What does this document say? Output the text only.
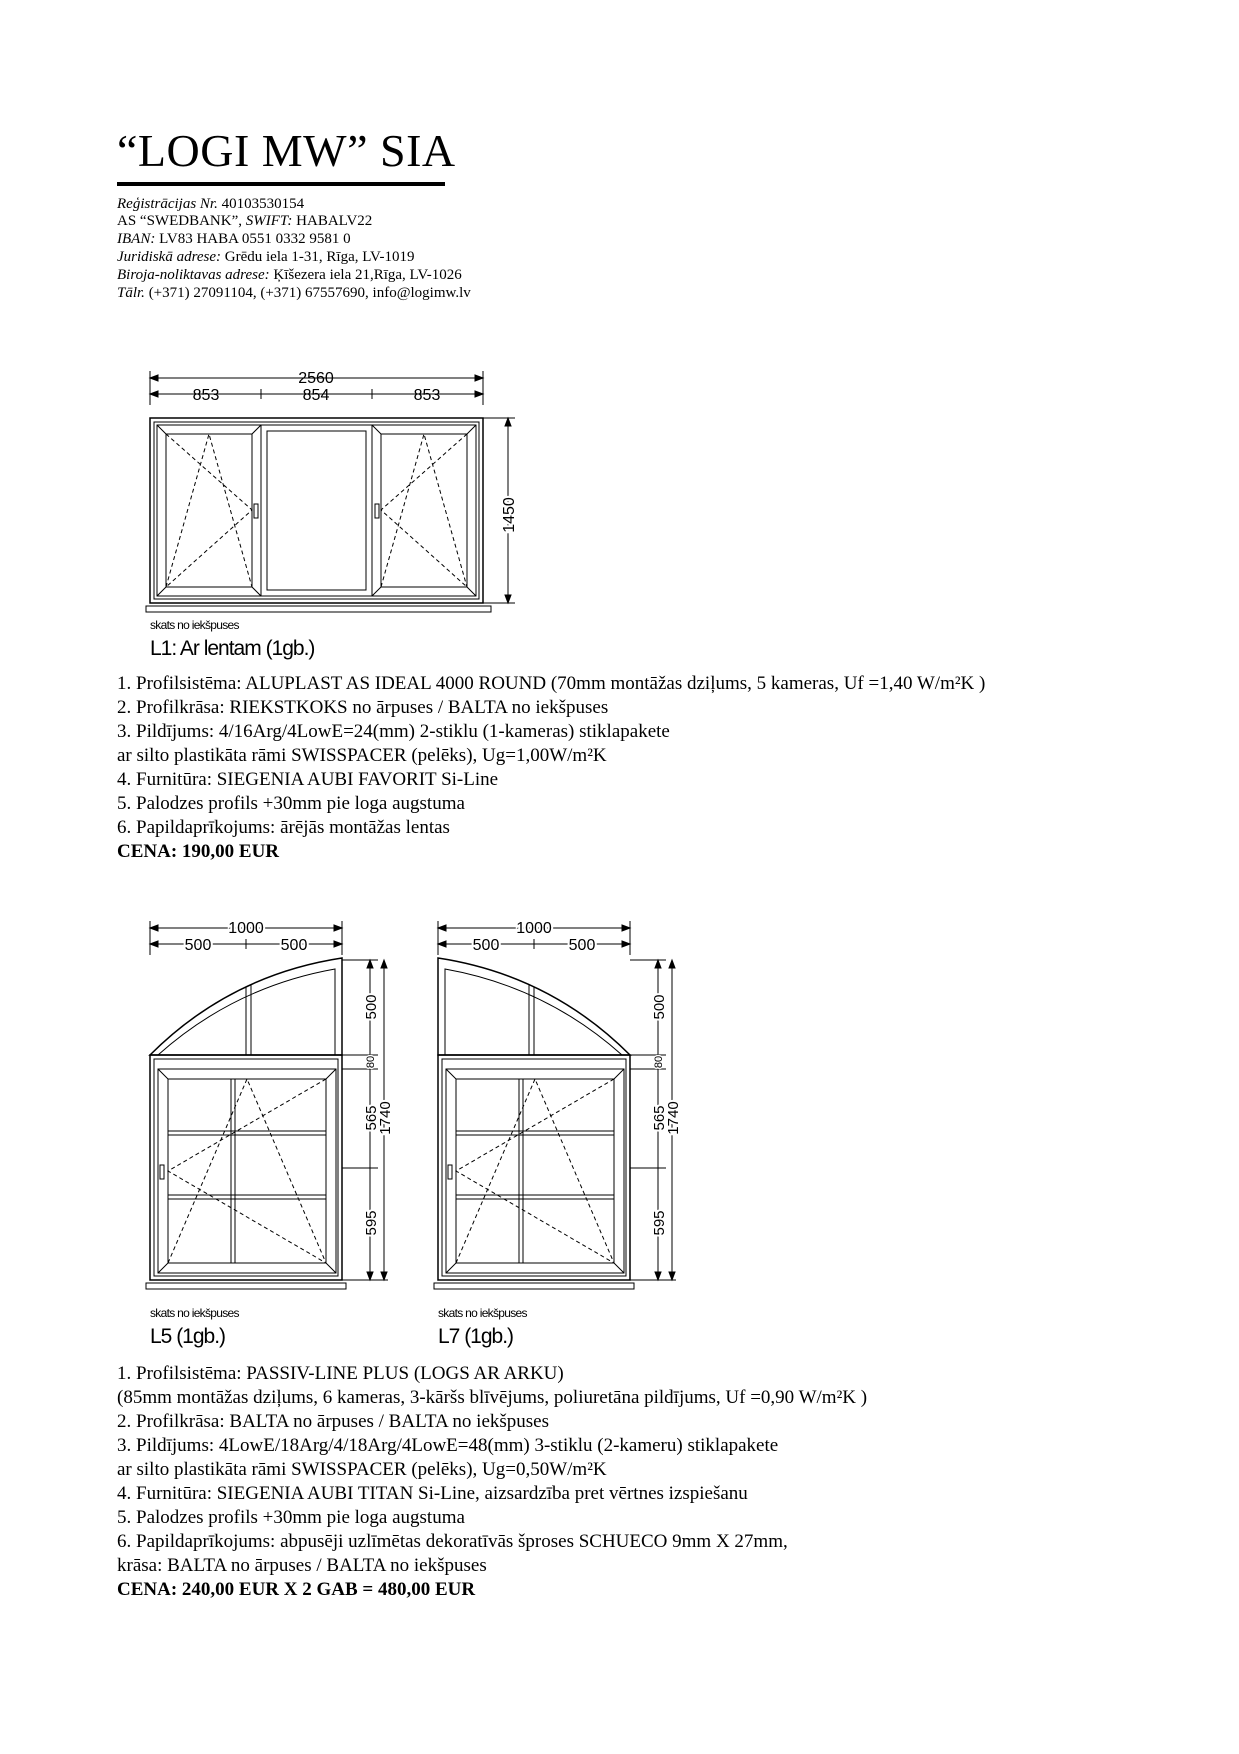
“LOGI MW” SIA
Reģistrācijas Nr. 40103530154
AS “SWEDBANK”, SWIFT: HABALV22
IBAN: LV83 HABA 0551 0332 9581 0
Juridiskā adrese: Grēdu iela 1-31, Rīga, LV-1019
Biroja-noliktavas adrese: Ķīšezera iela 21,Rīga, LV-1026
Tālr. (+371) 27091104, (+371) 67557690, info@logimw.lv
2560
853	854	853
1450
skats no iekšpuses
L1: Ar lentam (1gb.)
1. Profilsistēma: ALUPLAST AS IDEAL 4000 ROUND (70mm montāžas dziļums, 5 kameras, Uf =1,40 W/m²K )
2. Profilkrāsa: RIEKSTKOKS no ārpuses / BALTA no iekšpuses
3. Pildījums: 4/16Arg/4LowE=24(mm) 2-stiklu (1-kameras) stiklapakete
ar silto plastikāta rāmi SWISSPACER (pelēks), Ug=1,00W/m²K
4. Furnitūra: SIEGENIA AUBI FAVORIT Si-Line
5. Palodzes profils +30mm pie loga augstuma
6. Papildaprīkojums: ārējās montāžas lentas
CENA: 190,00 EUR
1000
500	500
500
80
565
1740
595
skats no iekšpuses
L5 (1gb.)
1000
500	500
500
80
565
1740
595
skats no iekšpuses
L7 (1gb.)
1. Profilsistēma: PASSIV-LINE PLUS (LOGS AR ARKU)
(85mm montāžas dziļums, 6 kameras, 3-kāršs blīvējums, poliuretāna pildījums, Uf =0,90 W/m²K )
2. Profilkrāsa: BALTA no ārpuses / BALTA no iekšpuses
3. Pildījums: 4LowE/18Arg/4/18Arg/4LowE=48(mm) 3-stiklu (2-kameru) stiklapakete
ar silto plastikāta rāmi SWISSPACER (pelēks), Ug=0,50W/m²K
4. Furnitūra: SIEGENIA AUBI TITAN Si-Line, aizsardzība pret vērtnes izspiešanu
5. Palodzes profils +30mm pie loga augstuma
6. Papildaprīkojums: abpusēji uzlīmētas dekoratīvās šproses SCHUECO 9mm X 27mm,
krāsa: BALTA no ārpuses / BALTA no iekšpuses
CENA: 240,00 EUR X 2 GAB = 480,00 EUR
